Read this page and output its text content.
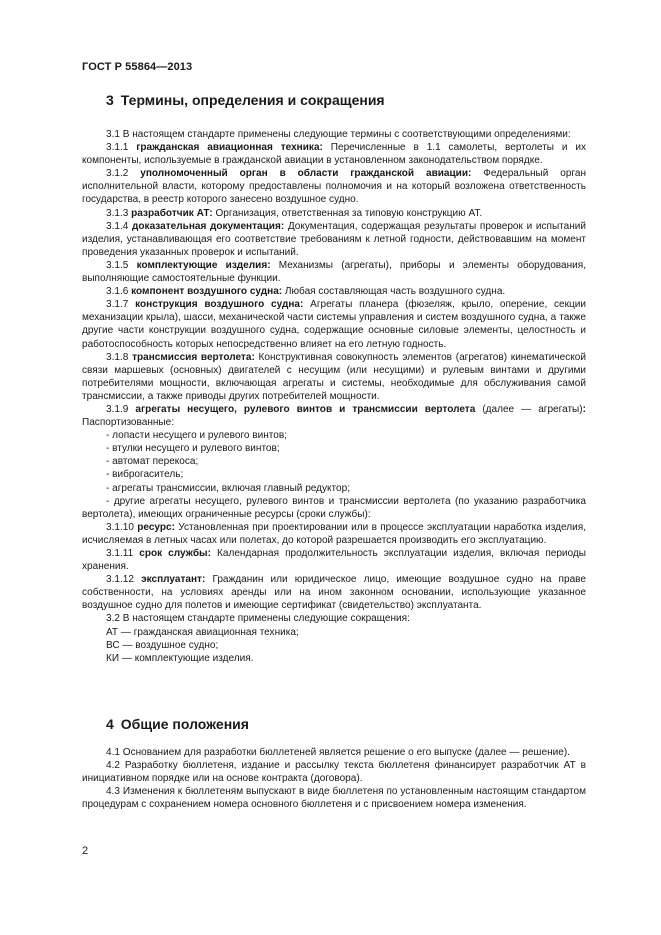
ГОСТ Р 55864—2013
3 Термины, определения и сокращения

3.1 В настоящем стандарте применены следующие термины с соответствующими определениями:

3.1.1 гражданская авиационная техника: Перечисленные в 1.1 самолеты, вертолеты и их компоненты, используемые в гражданской авиации в установленном законодательством порядке.

3.1.2 уполномоченный орган в области гражданской авиации: Федеральный орган исполнительной власти, которому предоставлены полномочия и на который возложена ответственность государства, в реестр которого занесено воздушное судно.

3.1.3 разработчик АТ: Организация, ответственная за типовую конструкцию АТ.

3.1.4 доказательная документация: Документация, содержащая результаты проверок и испытаний изделия, устанавливающая его соответствие требованиям к летной годности, действовавшим на момент проведения указанных проверок и испытаний.

3.1.5 комплектующие изделия: Механизмы (агрегаты), приборы и элементы оборудования, выполняющие самостоятельные функции.

3.1.6 компонент воздушного судна: Любая составляющая часть воздушного судна.

3.1.7 конструкция воздушного судна: Агрегаты планера (фюзеляж, крыло, оперение, секции механизации крыла), шасси, механической части системы управления и систем воздушного судна, а также другие части конструкции воздушного судна, содержащие основные силовые элементы, целостность и работоспособность которых непосредственно влияет на его летную годность.

3.1.8 трансмиссия вертолета: Конструктивная совокупность элементов (агрегатов) кинематической связи маршевых (основных) двигателей с несущим (или несущими) и рулевым винтами и другими потребителями мощности, включающая агрегаты и системы, необходимые для обслуживания самой трансмиссии, а также приводы других потребителей мощности.

3.1.9 агрегаты несущего, рулевого винтов и трансмиссии вертолета (далее — агрегаты): Паспортизованные:

- лопасти несущего и рулевого винтов;

- втулки несущего и рулевого винтов;

- автомат перекоса;

- виброгаситель;

- агрегаты трансмиссии, включая главный редуктор;

- другие агрегаты несущего, рулевого винтов и трансмиссии вертолета (по указанию разработчика вертолета), имеющих ограниченные ресурсы (сроки службы):

3.1.10 ресурс: Установленная при проектировании или в процессе эксплуатации наработка изделия, исчисляемая в летных часах или полетах, до которой разрешается производить его эксплуатацию.

3.1.11 срок службы: Календарная продолжительность эксплуатации изделия, включая периоды хранения.

3.1.12 эксплуатант: Гражданин или юридическое лицо, имеющие воздушное судно на праве собственности, на условиях аренды или на ином законном основании, использующие указанное воздушное судно для полетов и имеющие сертификат (свидетельство) эксплуатанта.

3.2 В настоящем стандарте применены следующие сокращения:

АТ — гражданская авиационная техника;

ВС — воздушное судно;

КИ — комплектующие изделия.

4 Общие положения

4.1 Основанием для разработки бюллетеней является решение о его выпуске (далее — решение).

4.2 Разработку бюллетеня, издание и рассылку текста бюллетеня финансирует разработчик АТ в инициативном порядке или на основе контракта (договора).

4.3 Изменения к бюллетеням выпускают в виде бюллетеня по установленным настоящим стандартом процедурам с сохранением номера основного бюллетеня и с присвоением номера изменения.

2
